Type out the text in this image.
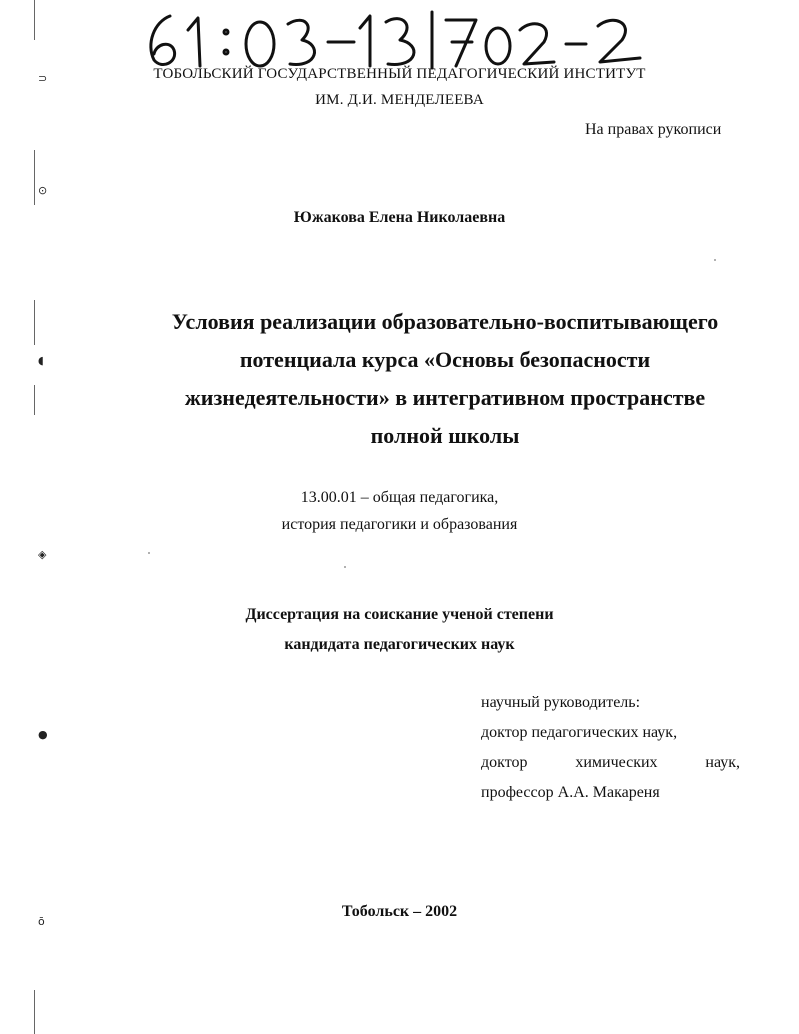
⊃
⊙
◖
◈
●
ō
ТОБОЛЬСКИЙ ГОСУДАРСТВЕННЫЙ ПЕДАГОГИЧЕСКИЙ ИНСТИТУТ
ИМ. Д.И. МЕНДЕЛЕЕВА
На правах рукописи
Южакова Елена Николаевна
Условия реализации образовательно-воспитывающего
потенциала курса «Основы безопасности
жизнедеятельности» в интегративном пространстве
полной школы
13.00.01 – общая педагогика,
история педагогики и образования
Диссертация на соискание ученой степени
кандидата педагогических наук
научный руководитель:
доктор педагогических наук,
доктор	химических	наук,
профессор А.А. Макареня
Тобольск – 2002
